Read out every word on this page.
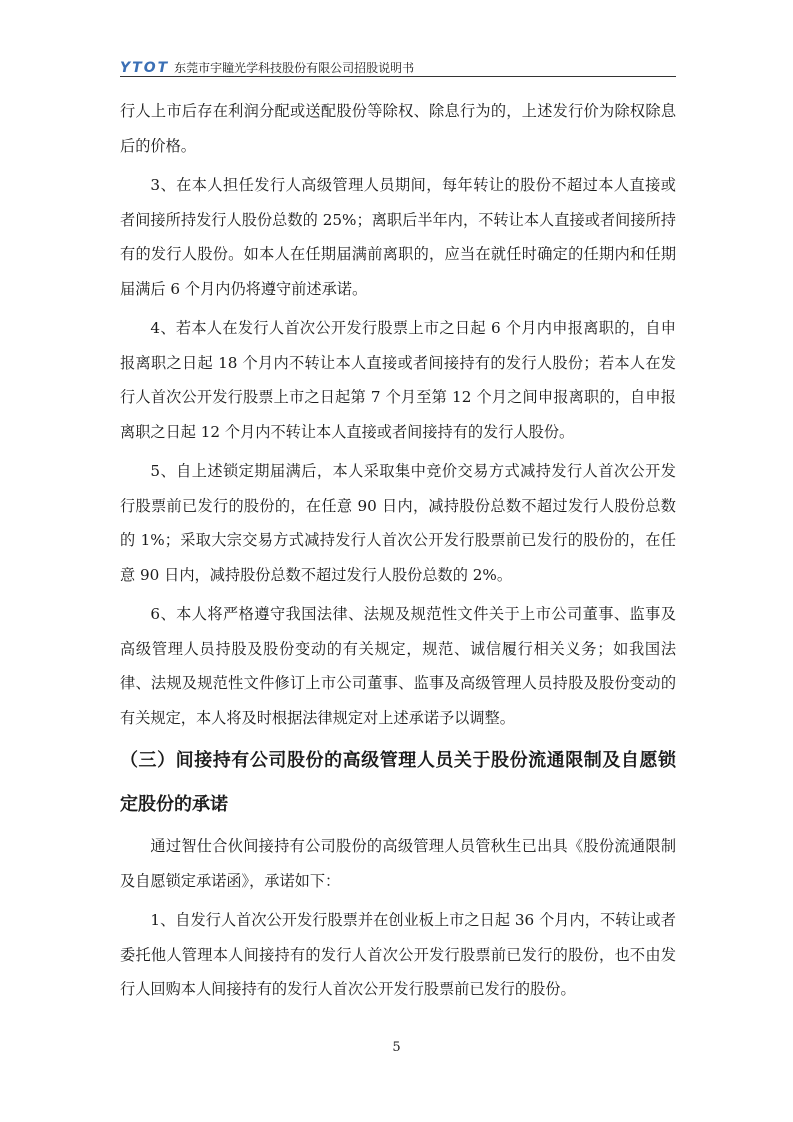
YTOT 东莞市宇瞳光学科技股份有限公司招股说明书

行人上市后存在利润分配或送配股份等除权、除息行为的，上述发行价为除权除息后的价格。

3、在本人担任发行人高级管理人员期间，每年转让的股份不超过本人直接或者间接所持发行人股份总数的 25%；离职后半年内，不转让本人直接或者间接所持有的发行人股份。如本人在任期届满前离职的，应当在就任时确定的任期内和任期届满后 6 个月内仍将遵守前述承诺。

4、若本人在发行人首次公开发行股票上市之日起 6 个月内申报离职的，自申报离职之日起 18 个月内不转让本人直接或者间接持有的发行人股份；若本人在发行人首次公开发行股票上市之日起第 7 个月至第 12 个月之间申报离职的，自申报离职之日起 12 个月内不转让本人直接或者间接持有的发行人股份。

5、自上述锁定期届满后，本人采取集中竞价交易方式减持发行人首次公开发行股票前已发行的股份的，在任意 90 日内，减持股份总数不超过发行人股份总数的 1%；采取大宗交易方式减持发行人首次公开发行股票前已发行的股份的，在任意 90 日内，减持股份总数不超过发行人股份总数的 2%。

6、本人将严格遵守我国法律、法规及规范性文件关于上市公司董事、监事及高级管理人员持股及股份变动的有关规定，规范、诚信履行相关义务；如我国法律、法规及规范性文件修订上市公司董事、监事及高级管理人员持股及股份变动的有关规定，本人将及时根据法律规定对上述承诺予以调整。

（三）间接持有公司股份的高级管理人员关于股份流通限制及自愿锁定股份的承诺

通过智仕合伙间接持有公司股份的高级管理人员管秋生已出具《股份流通限制及自愿锁定承诺函》，承诺如下：

1、自发行人首次公开发行股票并在创业板上市之日起 36 个月内，不转让或者委托他人管理本人间接持有的发行人首次公开发行股票前已发行的股份，也不由发行人回购本人间接持有的发行人首次公开发行股票前已发行的股份。

5
